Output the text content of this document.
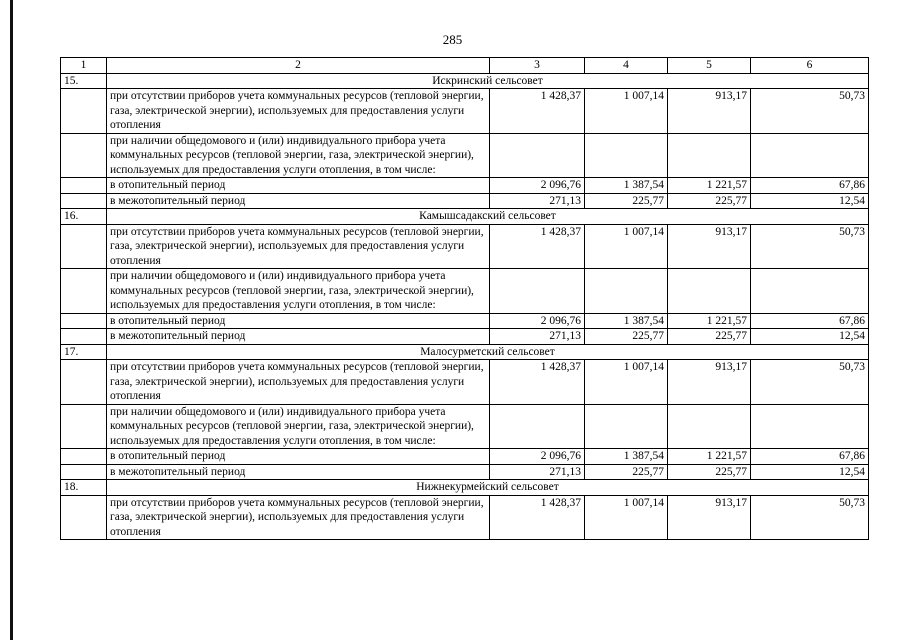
285
1	2	3	4	5	6
15.	Искринский сельсовет				
	при отсутствии приборов учета коммунальных ресурсов (тепловой энергии, газа, электрической энергии), используемых для предоставления услуги отопления	1 428,37	1 007,14	913,17	50,73
	при наличии общедомового и (или) индивидуального прибора учета коммунальных ресурсов (тепловой энергии, газа, электрической энергии), используемых для предоставления услуги отопления, в том числе:				
	в отопительный период	2 096,76	1 387,54	1 221,57	67,86
	в межотопительный период	271,13	225,77	225,77	12,54
16.	Камышсадакский сельсовет				
	при отсутствии приборов учета коммунальных ресурсов (тепловой энергии, газа, электрической энергии), используемых для предоставления услуги отопления	1 428,37	1 007,14	913,17	50,73
	при наличии общедомового и (или) индивидуального прибора учета коммунальных ресурсов (тепловой энергии, газа, электрической энергии), используемых для предоставления услуги отопления, в том числе:				
	в отопительный период	2 096,76	1 387,54	1 221,57	67,86
	в межотопительный период	271,13	225,77	225,77	12,54
17.	Малосурметский сельсовет				
	при отсутствии приборов учета коммунальных ресурсов (тепловой энергии, газа, электрической энергии), используемых для предоставления услуги отопления	1 428,37	1 007,14	913,17	50,73
	при наличии общедомового и (или) индивидуального прибора учета коммунальных ресурсов (тепловой энергии, газа, электрической энергии), используемых для предоставления услуги отопления, в том числе:				
	в отопительный период	2 096,76	1 387,54	1 221,57	67,86
	в межотопительный период	271,13	225,77	225,77	12,54
18.	Нижнекурмейский сельсовет				
	при отсутствии приборов учета коммунальных ресурсов (тепловой энергии, газа, электрической энергии), используемых для предоставления услуги отопления	1 428,37	1 007,14	913,17	50,73
